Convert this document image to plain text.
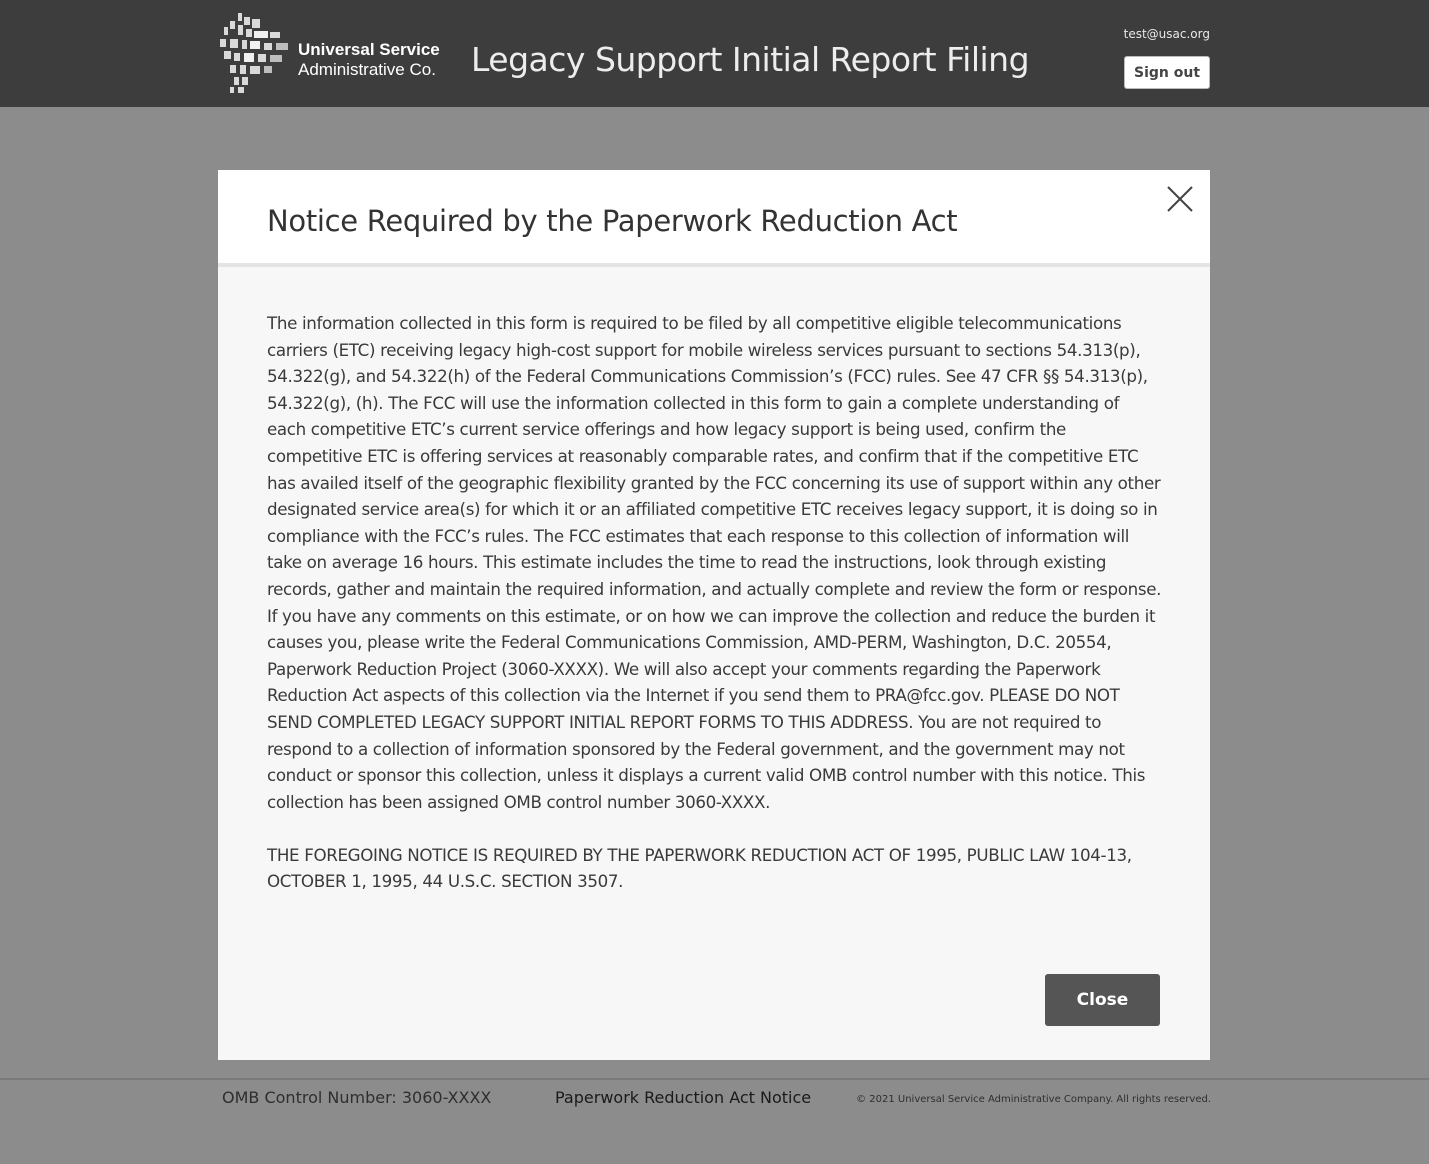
Universal Service
Administrative Co. Legacy Support Initial Report Filing
test@usac.org
Sign out
OMB Control Number: 3060-XXXX	Paperwork Reduction Act Notice	© 2021 Universal Service Administrative Company. All rights reserved.
Notice Required by the Paperwork Reduction Act

The information collected in this form is required to be filed by all competitive eligible telecommunications carriers (ETC) receiving legacy high-cost support for mobile wireless services pursuant to sections 54.313(p), 54.322(g), and 54.322(h) of the Federal Communications Commission’s (FCC) rules. See 47 CFR §§ 54.313(p), 54.322(g), (h). The FCC will use the information collected in this form to gain a complete understanding of each competitive ETC’s current service offerings and how legacy support is being used, confirm the competitive ETC is offering services at reasonably comparable rates, and confirm that if the competitive ETC has availed itself of the geographic flexibility granted by the FCC concerning its use of support within any other designated service area(s) for which it or an affiliated competitive ETC receives legacy support, it is doing so in compliance with the FCC’s rules. The FCC estimates that each response to this collection of information will take on average 16 hours. This estimate includes the time to read the instructions, look through existing records, gather and maintain the required information, and actually complete and review the form or response. If you have any comments on this estimate, or on how we can improve the collection and reduce the burden it causes you, please write the Federal Communications Commission, AMD-PERM, Washington, D.C. 20554, Paperwork Reduction Project (3060-XXXX). We will also accept your comments regarding the Paperwork Reduction Act aspects of this collection via the Internet if you send them to PRA@fcc.gov. PLEASE DO NOT SEND COMPLETED LEGACY SUPPORT INITIAL REPORT FORMS TO THIS ADDRESS. You are not required to respond to a collection of information sponsored by the Federal government, and the government may not conduct or sponsor this collection, unless it displays a current valid OMB control number with this notice. This collection has been assigned OMB control number 3060-XXXX.

THE FOREGOING NOTICE IS REQUIRED BY THE PAPERWORK REDUCTION ACT OF 1995, PUBLIC LAW 104-13, OCTOBER 1, 1995, 44 U.S.C. SECTION 3507.

Close
